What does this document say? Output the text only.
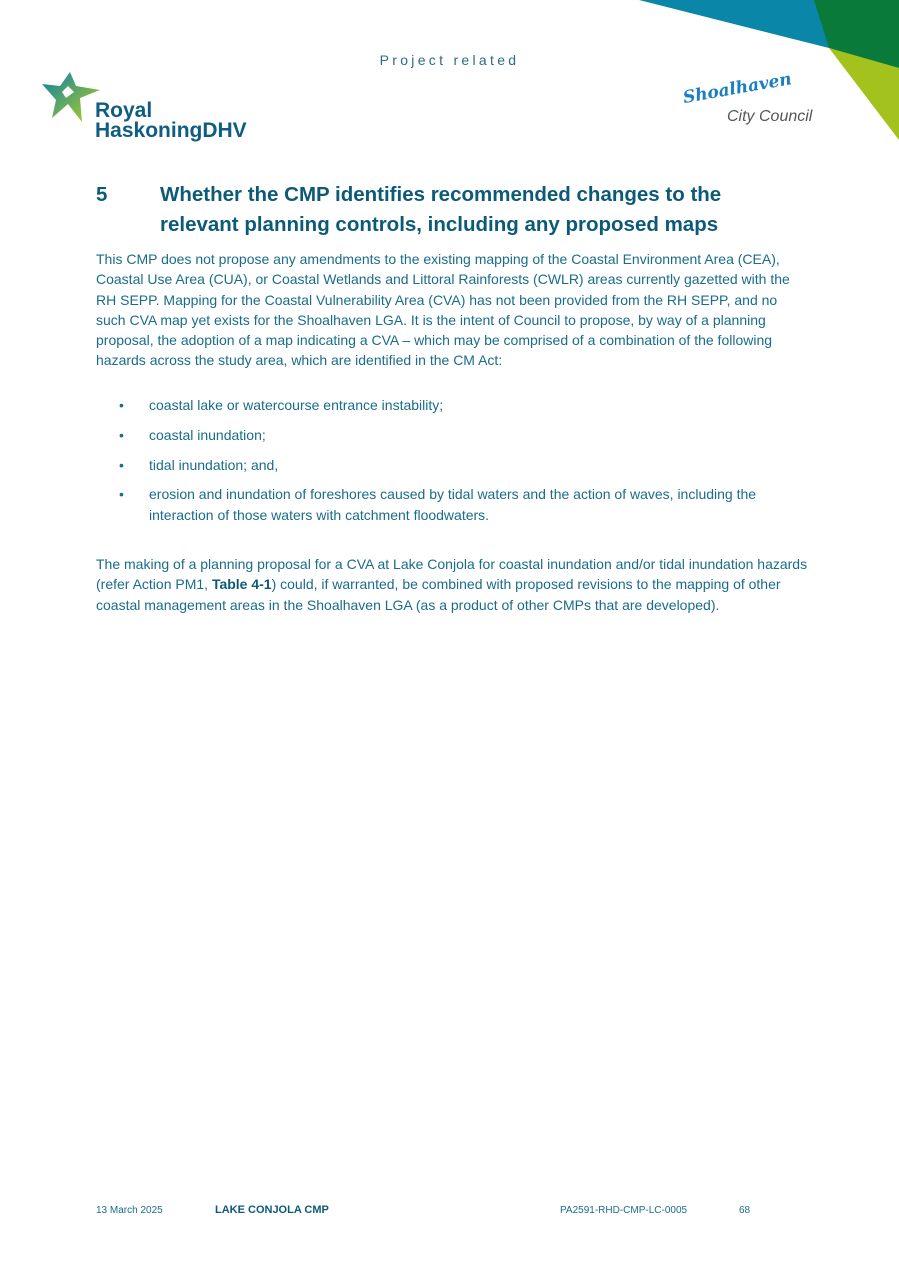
Project related
Royal
HaskoningDHV
Shoalhaven
City Council
5	Whether the CMP identifies recommended changes to the relevant planning controls, including any proposed maps
This CMP does not propose any amendments to the existing mapping of the Coastal Environment Area (CEA), Coastal Use Area (CUA), or Coastal Wetlands and Littoral Rainforests (CWLR) areas currently gazetted with the RH SEPP. Mapping for the Coastal Vulnerability Area (CVA) has not been provided from the RH SEPP, and no such CVA map yet exists for the Shoalhaven LGA. It is the intent of Council to propose, by way of a planning proposal, the adoption of a map indicating a CVA – which may be comprised of a combination of the following hazards across the study area, which are identified in the CM Act:
• coastal lake or watercourse entrance instability;
• coastal inundation;
• tidal inundation; and,
• erosion and inundation of foreshores caused by tidal waters and the action of waves, including the interaction of those waters with catchment floodwaters.
The making of a planning proposal for a CVA at Lake Conjola for coastal inundation and/or tidal inundation hazards (refer Action PM1, Table 4-1) could, if warranted, be combined with proposed revisions to the mapping of other coastal management areas in the Shoalhaven LGA (as a product of other CMPs that are developed).
13 March 2025	LAKE CONJOLA CMP	PA2591-RHD-CMP-LC-0005	68
